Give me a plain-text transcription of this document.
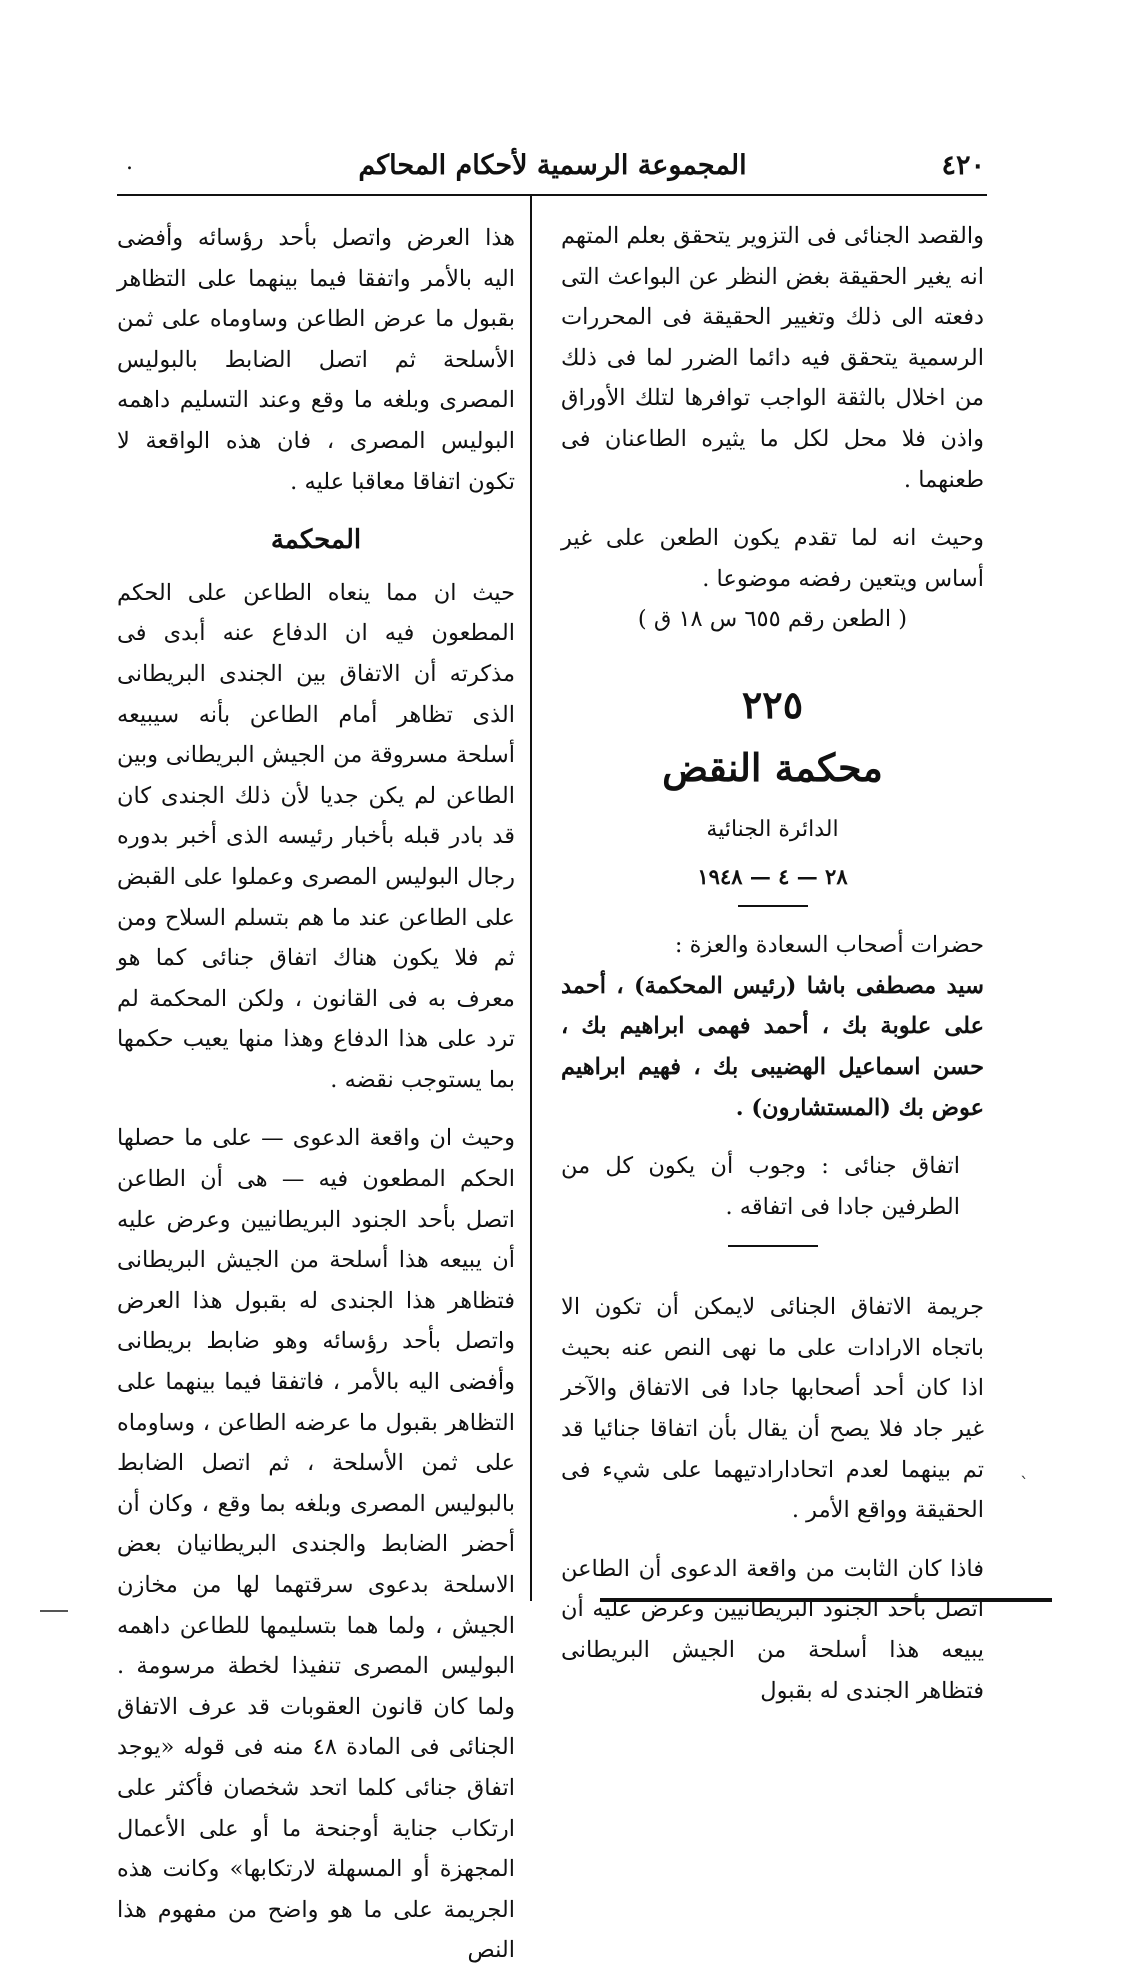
٤٢٠
المجموعة الرسمية لأحكام المحاكم
.

والقصد الجنائى فى التزوير يتحقق بعلم المتهم انه يغير الحقيقة بغض النظر عن البواعث التى دفعته الى ذلك وتغيير الحقيقة فى المحررات الرسمية يتحقق فيه دائما الضرر لما فى ذلك من اخلال بالثقة الواجب توافرها لتلك الأوراق واذن فلا محل لكل ما يثيره الطاعنان فى طعنهما .

وحيث انه لما تقدم يكون الطعن على غير أساس ويتعين رفضه موضوعا .

( الطعن رقم ٦٥٥ س ١٨ ق )

٢٢٥

محكمة النقض

الدائرة الجنائية

٢٨ — ٤ — ١٩٤٨

حضرات أصحاب السعادة والعزة :

سيد مصطفى باشا (رئيس المحكمة) ، أحمد على علوبة بك ، أحمد فهمى ابراهيم بك ، حسن اسماعيل الهضيبى بك ، فهيم ابراهيم عوض بك (المستشارون) .

اتفاق جنائى : وجوب أن يكون كل من الطرفين جادا فى اتفاقه .

جريمة الاتفاق الجنائى لايمكن أن تكون الا باتجاه الارادات على ما نهى النص عنه بحيث اذا كان أحد أصحابها جادا فى الاتفاق والآخر غير جاد فلا يصح أن يقال بأن اتفاقا جنائيا قد تم بينهما لعدم اتحادارادتيهما على شيء فى الحقيقة وواقع الأمر .

فاذا كان الثابت من واقعة الدعوى أن الطاعن اتصل بأحد الجنود البريطانيين وعرض عليه أن يبيعه هذا أسلحة من الجيش البريطانى فتظاهر الجندى له بقبول

هذا العرض واتصل بأحد رؤسائه وأفضى اليه بالأمر واتفقا فيما بينهما على التظاهر بقبول ما عرض الطاعن وساوماه على ثمن الأسلحة ثم اتصل الضابط بالبوليس المصرى وبلغه ما وقع وعند التسليم داهمه البوليس المصرى ، فان هذه الواقعة لا تكون اتفاقا معاقبا عليه .

المحكمة

حيث ان مما ينعاه الطاعن على الحكم المطعون فيه ان الدفاع عنه أبدى فى مذكرته أن الاتفاق بين الجندى البريطانى الذى تظاهر أمام الطاعن بأنه سيبيعه أسلحة مسروقة من الجيش البريطانى وبين الطاعن لم يكن جديا لأن ذلك الجندى كان قد بادر قبله بأخبار رئيسه الذى أخبر بدوره رجال البوليس المصرى وعملوا على القبض على الطاعن عند ما هم بتسلم السلاح ومن ثم فلا يكون هناك اتفاق جنائى كما هو معرف به فى القانون ، ولكن المحكمة لم ترد على هذا الدفاع وهذا منها يعيب حكمها بما يستوجب نقضه .

وحيث ان واقعة الدعوى — على ما حصلها الحكم المطعون فيه — هى أن الطاعن اتصل بأحد الجنود البريطانيين وعرض عليه أن يبيعه هذا أسلحة من الجيش البريطانى فتظاهر هذا الجندى له بقبول هذا العرض واتصل بأحد رؤسائه وهو ضابط بريطانى وأفضى اليه بالأمر ، فاتفقا فيما بينهما على التظاهر بقبول ما عرضه الطاعن ، وساوماه على ثمن الأسلحة ، ثم اتصل الضابط بالبوليس المصرى وبلغه بما وقع ، وكان أن أحضر الضابط والجندى البريطانيان بعض الاسلحة بدعوى سرقتهما لها من مخازن الجيش ، ولما هما بتسليمها للطاعن داهمه البوليس المصرى تنفيذا لخطة مرسومة . ولما كان قانون العقوبات قد عرف الاتفاق الجنائى فى المادة ٤٨ منه فى قوله «يوجد اتفاق جنائى كلما اتحد شخصان فأكثر على ارتكاب جناية أوجنحة ما أو على الأعمال المجهزة أو المسهلة لارتكابها» وكانت هذه الجريمة على ما هو واضح من مفهوم هذا النص

`
